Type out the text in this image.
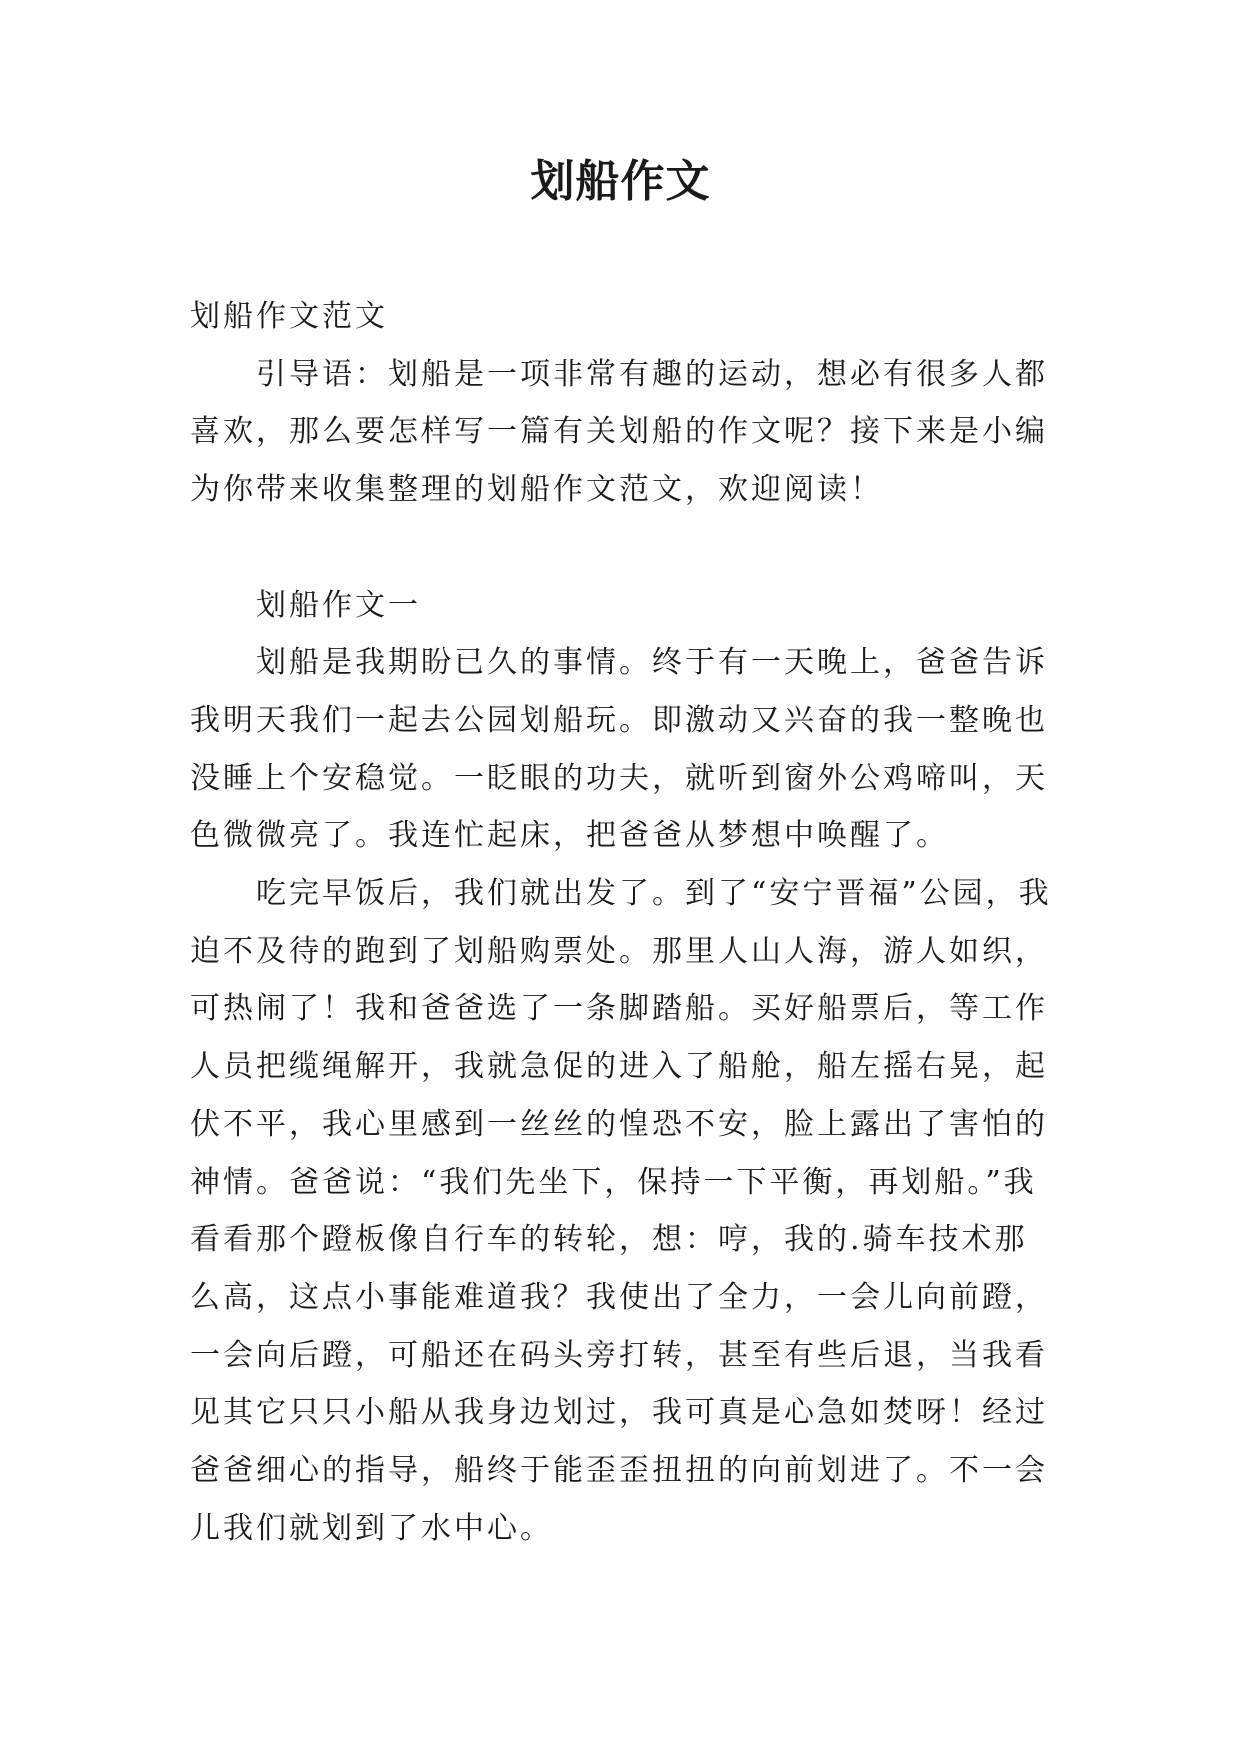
划船作文

划船作文范文

引导语：划船是一项非常有趣的运动，想必有很多人都喜欢，那么要怎样写一篇有关划船的作文呢？接下来是小编为你带来收集整理的划船作文范文，欢迎阅读！

划船作文一

划船是我期盼已久的事情。终于有一天晚上，爸爸告诉我明天我们一起去公园划船玩。即激动又兴奋的我一整晚也没睡上个安稳觉。一眨眼的功夫，就听到窗外公鸡啼叫，天色微微亮了。我连忙起床，把爸爸从梦想中唤醒了。

吃完早饭后，我们就出发了。到了“安宁晋福”公园，我迫不及待的跑到了划船购票处。那里人山人海，游人如织，可热闹了！我和爸爸选了一条脚踏船。买好船票后，等工作人员把缆绳解开，我就急促的进入了船舱，船左摇右晃，起伏不平，我心里感到一丝丝的惶恐不安，脸上露出了害怕的神情。爸爸说：“我们先坐下，保持一下平衡，再划船。”我看看那个蹬板像自行车的转轮，想：哼，我的.骑车技术那么高，这点小事能难道我？我使出了全力，一会儿向前蹬，一会向后蹬，可船还在码头旁打转，甚至有些后退，当我看见其它只只小船从我身边划过，我可真是心急如焚呀！经过爸爸细心的指导，船终于能歪歪扭扭的向前划进了。不一会儿我们就划到了水中心。
